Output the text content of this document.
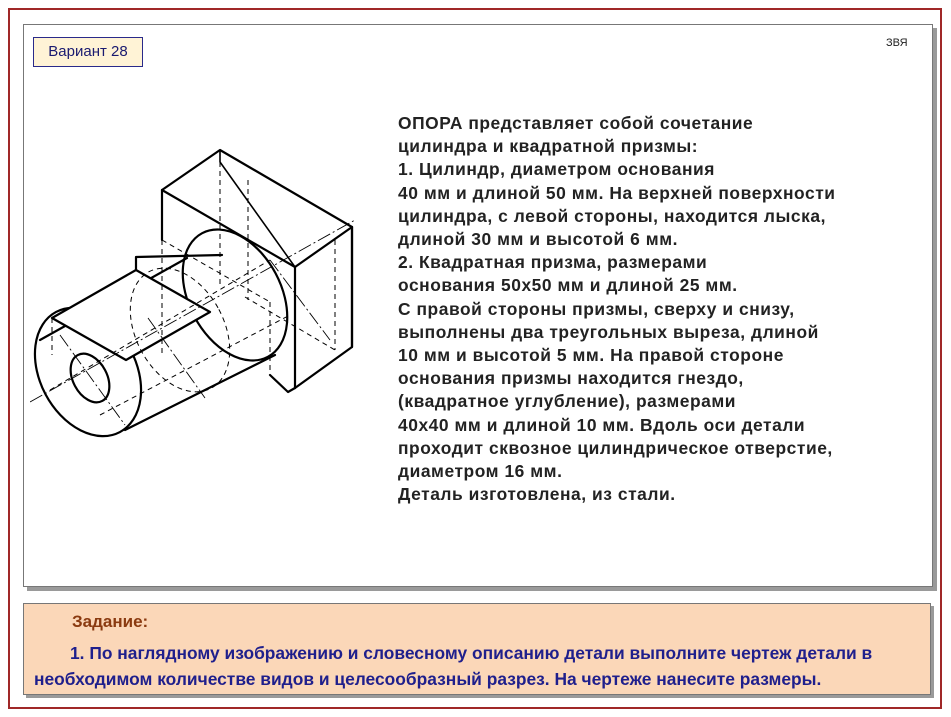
Вариант 28	ЗВЯ
ОПОРА представляет собой сочетание
цилиндра и квадратной призмы:
1. Цилиндр, диаметром основания
40 мм и длиной 50 мм. На верхней поверхности
цилиндра, с левой стороны, находится лыска,
длиной 30 мм и высотой 6 мм.
2. Квадратная призма, размерами
основания 50х50 мм и длиной 25 мм.
С правой стороны призмы, сверху и снизу,
выполнены два треугольных выреза, длиной
10 мм и высотой 5 мм. На правой стороне
основания призмы находится гнездо,
(квадратное углубление), размерами
40х40 мм и длиной 10 мм. Вдоль оси детали
проходит сквозное цилиндрическое отверстие,
диаметром 16 мм.
Деталь изготовлена, из стали.
Задание:
1. По наглядному изображению и словесному описанию детали выполните чертеж детали в
необходимом количестве видов и целесообразный разрез. На чертеже нанесите размеры.
